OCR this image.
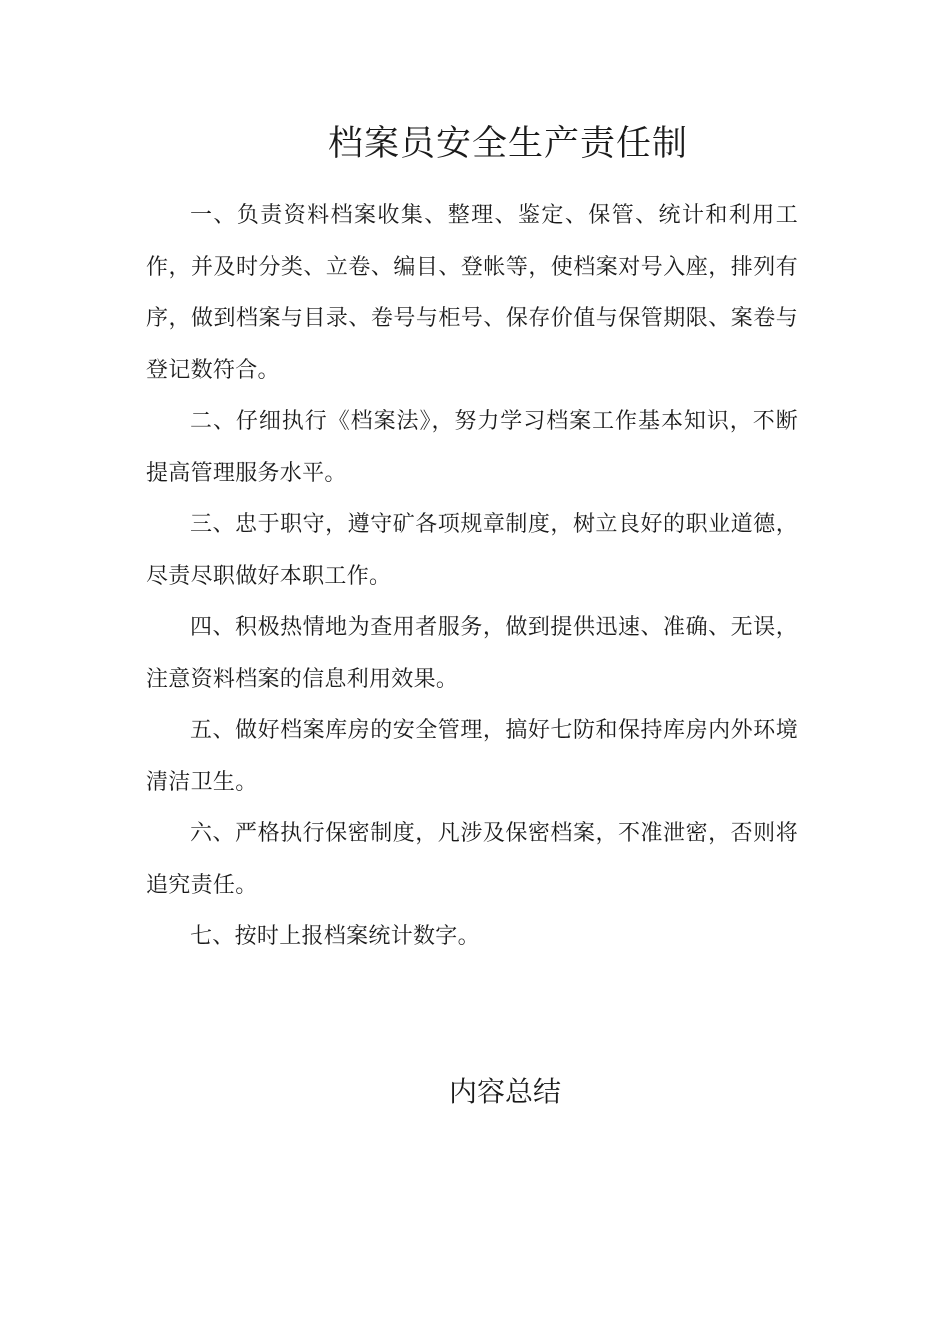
档案员安全生产责任制

一、负责资料档案收集、整理、鉴定、保管、统计和利用工作，并及时分类、立卷、编目、登帐等，使档案对号入座，排列有序，做到档案与目录、卷号与柜号、保存价值与保管期限、案卷与登记数符合。

二、仔细执行《档案法》，努力学习档案工作基本知识，不断提高管理服务水平。

三、忠于职守，遵守矿各项规章制度，树立良好的职业道德，尽责尽职做好本职工作。

四、积极热情地为查用者服务，做到提供迅速、准确、无误，注意资料档案的信息利用效果。

五、做好档案库房的安全管理，搞好七防和保持库房内外环境清洁卫生。

六、严格执行保密制度，凡涉及保密档案，不准泄密，否则将追究责任。

七、按时上报档案统计数字。

内容总结
